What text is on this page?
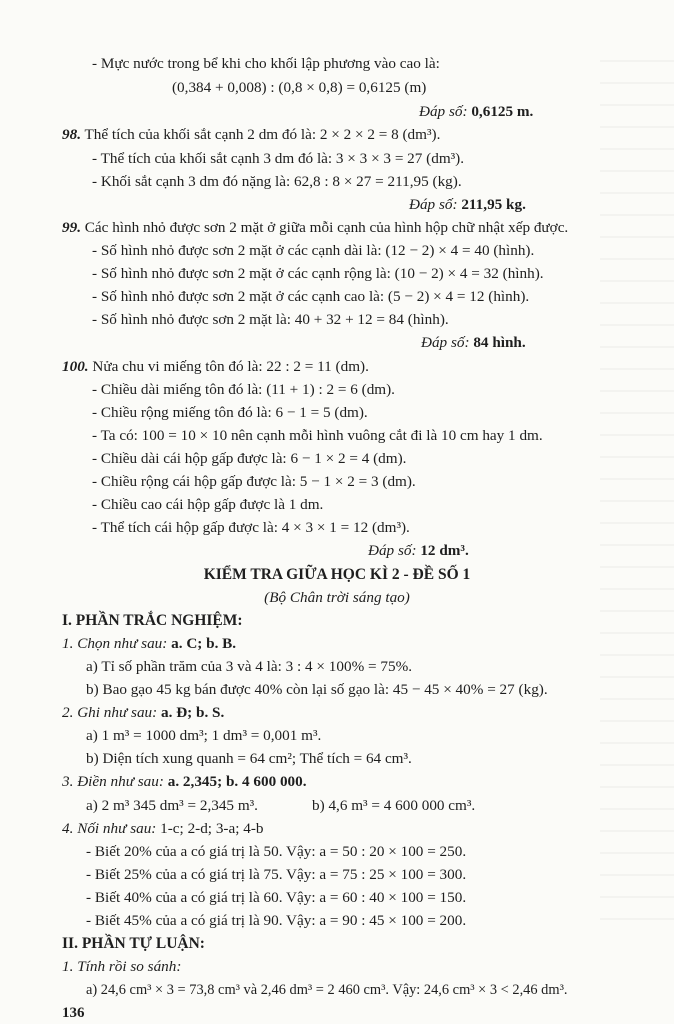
- Mực nước trong bể khi cho khối lập phương vào cao là:
(0,384 + 0,008) : (0,8 × 0,8) = 0,6125 (m)
Đáp số: 0,6125 m.
98. Thể tích của khối sắt cạnh 2 dm đó là: 2 × 2 × 2 = 8 (dm³).
- Thể tích của khối sắt cạnh 3 dm đó là: 3 × 3 × 3 = 27 (dm³).
- Khối sắt cạnh 3 dm đó nặng là: 62,8 : 8 × 27 = 211,95 (kg).
Đáp số: 211,95 kg.
99. Các hình nhỏ được sơn 2 mặt ở giữa mỗi cạnh của hình hộp chữ nhật xếp được.
- Số hình nhỏ được sơn 2 mặt ở các cạnh dài là: (12 − 2) × 4 = 40 (hình).
- Số hình nhỏ được sơn 2 mặt ở các cạnh rộng là: (10 − 2) × 4 = 32 (hình).
- Số hình nhỏ được sơn 2 mặt ở các cạnh cao là: (5 − 2) × 4 = 12 (hình).
- Số hình nhỏ được sơn 2 mặt là: 40 + 32 + 12 = 84 (hình).
Đáp số: 84 hình.
100. Nửa chu vi miếng tôn đó là: 22 : 2 = 11 (dm).
- Chiều dài miếng tôn đó là: (11 + 1) : 2 = 6 (dm).
- Chiều rộng miếng tôn đó là: 6 − 1 = 5 (dm).
- Ta có: 100 = 10 × 10 nên cạnh mỗi hình vuông cắt đi là 10 cm hay 1 dm.
- Chiều dài cái hộp gấp được là: 6 − 1 × 2 = 4 (dm).
- Chiều rộng cái hộp gấp được là: 5 − 1 × 2 = 3 (dm).
- Chiều cao cái hộp gấp được là 1 dm.
- Thể tích cái hộp gấp được là: 4 × 3 × 1 = 12 (dm³).
Đáp số: 12 dm³.
KIỂM TRA GIỮA HỌC KÌ 2 - ĐỀ SỐ 1
(Bộ Chân trời sáng tạo)
I. PHẦN TRẮC NGHIỆM:
1. Chọn như sau: a. C; b. B.
a) Tỉ số phần trăm của 3 và 4 là: 3 : 4 × 100% = 75%.
b) Bao gạo 45 kg bán được 40% còn lại số gạo là: 45 − 45 × 40% = 27 (kg).
2. Ghi như sau: a. Đ; b. S.
a) 1 m³ = 1000 dm³; 1 dm³ = 0,001 m³.
b) Diện tích xung quanh = 64 cm²; Thể tích = 64 cm³.
3. Điền như sau: a. 2,345; b. 4 600 000.
a) 2 m³ 345 dm³ = 2,345 m³.	b) 4,6 m³ = 4 600 000 cm³.
4. Nối như sau: 1-c; 2-d; 3-a; 4-b
- Biết 20% của a có giá trị là 50. Vậy: a = 50 : 20 × 100 = 250.
- Biết 25% của a có giá trị là 75. Vậy: a = 75 : 25 × 100 = 300.
- Biết 40% của a có giá trị là 60. Vậy: a = 60 : 40 × 100 = 150.
- Biết 45% của a có giá trị là 90. Vậy: a = 90 : 45 × 100 = 200.
II. PHẦN TỰ LUẬN:
1. Tính rồi so sánh:
a) 24,6 cm³ × 3 = 73,8 cm³ và 2,46 dm³ = 2 460 cm³. Vậy: 24,6 cm³ × 3 < 2,46 dm³.
136
